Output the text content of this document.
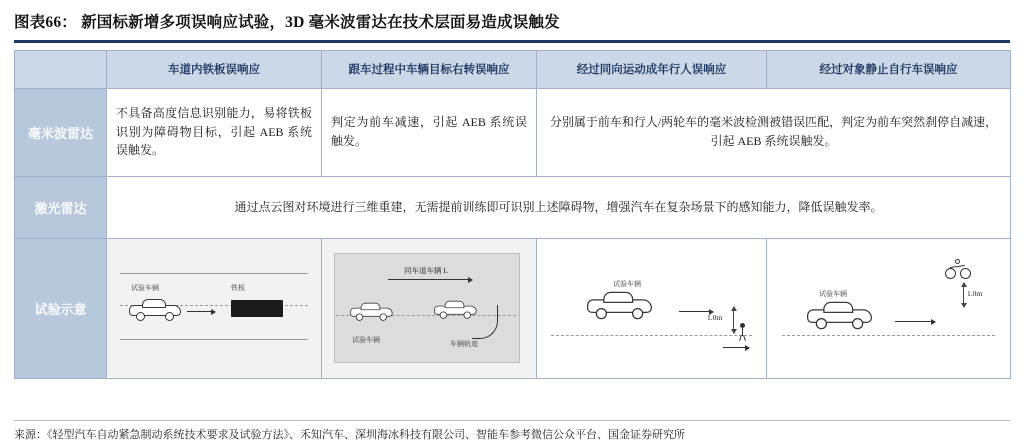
图表66： 新国标新增多项误响应试验，3D 毫米波雷达在技术层面易造成误触发
	车道内铁板误响应	跟车过程中车辆目标右转误响应	经过同向运动成年行人误响应	经过对象静止自行车误响应
毫米波雷达	不具备高度信息识别能力，易将铁板识别为障碍物目标，引起 AEB 系统误触发。	判定为前车减速，引起 AEB 系统误触发。	分别属于前车和行人/两轮车的毫米波检测被错误匹配，判定为前车突然刹停自减速，引起 AEB 系统误触发。	
激光雷达	通过点云图对环境进行三维重建，无需提前训练即可识别上述障碍物，增强汽车在复杂场景下的感知能力，降低误触发率。			
试验示意	
试验车辆	铁板

同车道车辆 L
试验车辆	车辆轨迹

试验车辆
1.0m

试验车辆	1.0m
来源：《轻型汽车自动紧急制动系统技术要求及试验方法》、禾知汽车、深圳海冰科技有限公司、智能车参考微信公众平台、国金证券研究所
